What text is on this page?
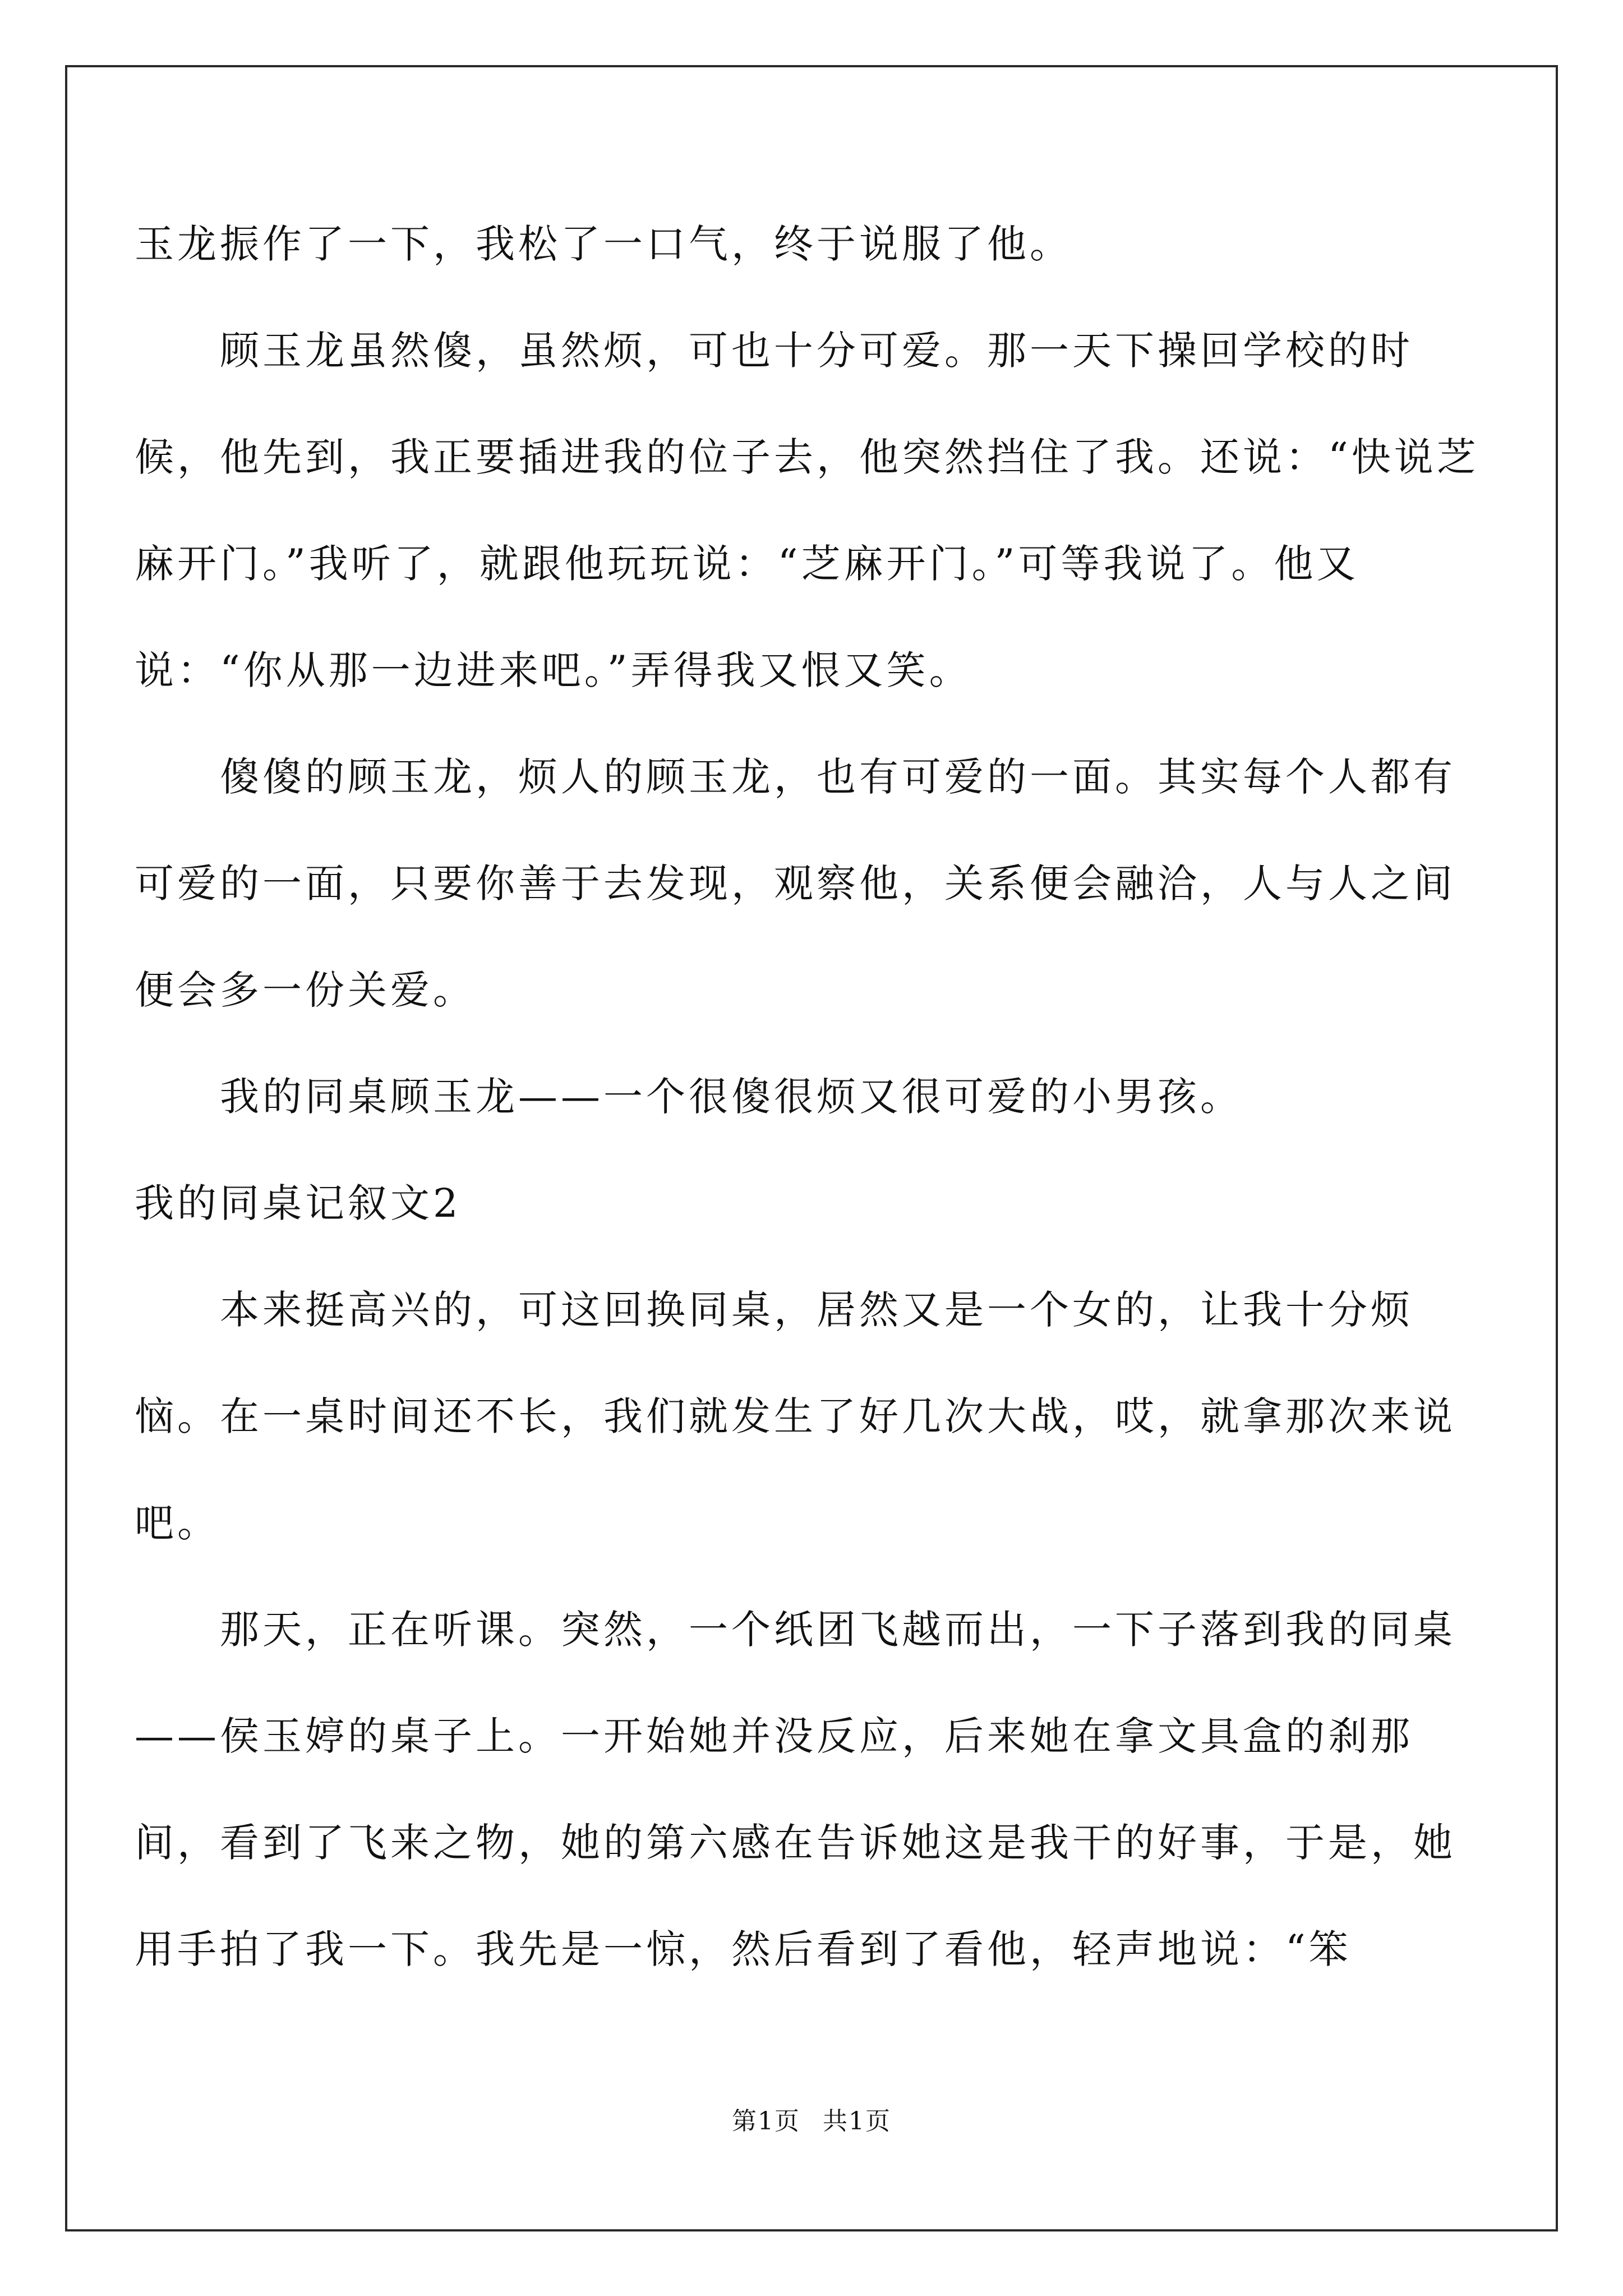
玉龙振作了一下，我松了一口气，终于说服了他。

顾玉龙虽然傻，虽然烦，可也十分可爱。那一天下操回学校的时候，他先到，我正要插进我的位子去，他突然挡住了我。还说：“快说芝麻开门。”我听了，就跟他玩玩说：“芝麻开门。”可等我说了。他又说：“你从那一边进来吧。”弄得我又恨又笑。

傻傻的顾玉龙，烦人的顾玉龙，也有可爱的一面。其实每个人都有可爱的一面，只要你善于去发现，观察他，关系便会融洽，人与人之间便会多一份关爱。

我的同桌顾玉龙——一个很傻很烦又很可爱的小男孩。

我的同桌记叙文2

本来挺高兴的，可这回换同桌，居然又是一个女的，让我十分烦恼。在一桌时间还不长，我们就发生了好几次大战，哎，就拿那次来说吧。

那天，正在听课。突然，一个纸团飞越而出，一下子落到我的同桌——侯玉婷的桌子上。一开始她并没反应，后来她在拿文具盒的刹那间，看到了飞来之物，她的第六感在告诉她这是我干的好事，于是，她用手拍了我一下。我先是一惊，然后看到了看他，轻声地说：“笨

第1页 共1页
